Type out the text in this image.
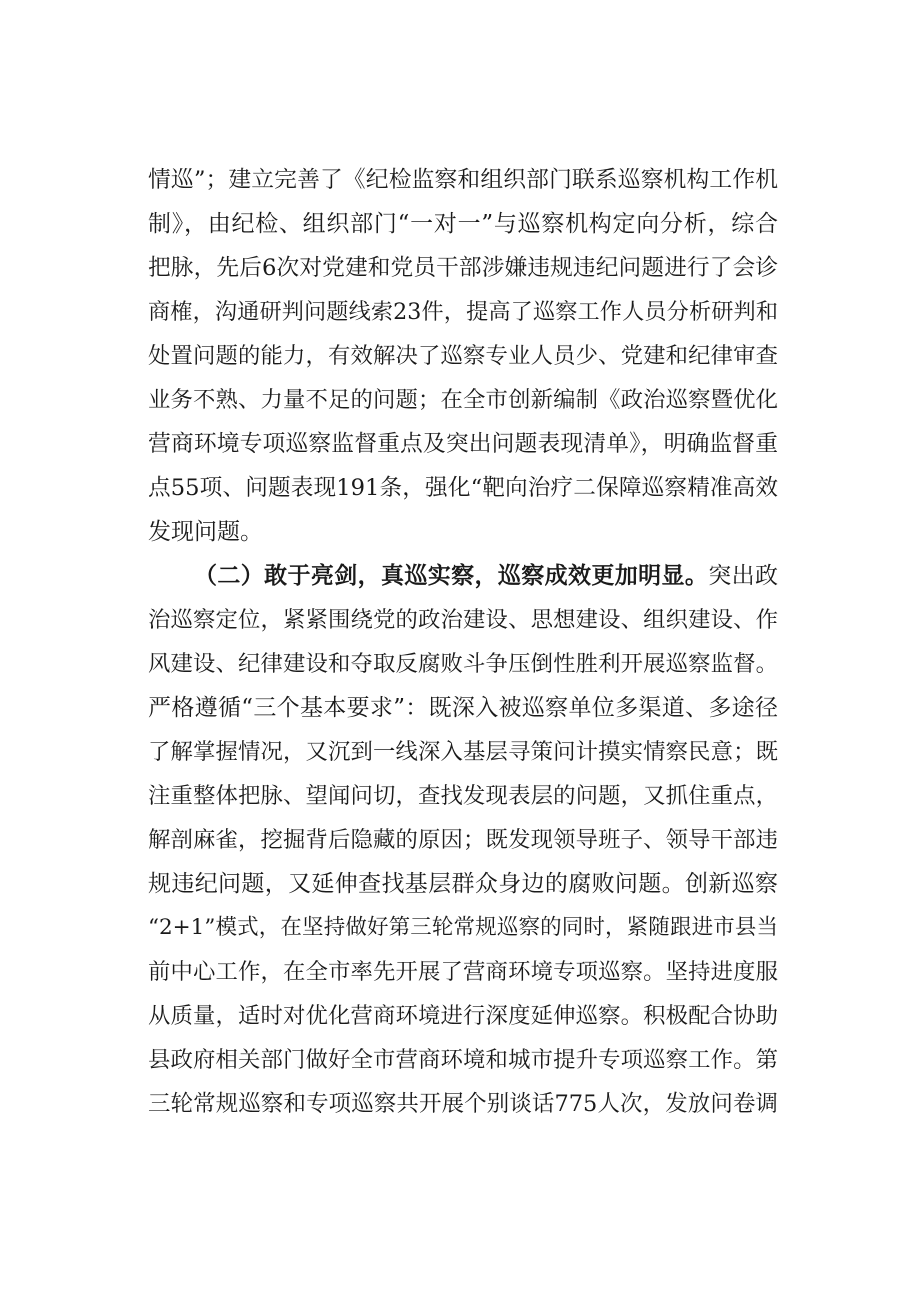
情巡”；建立完善了《纪检监察和组织部门联系巡察机构工作机
制》，由纪检、组织部门“一对一”与巡察机构定向分析，综合
把脉，先后6次对党建和党员干部涉嫌违规违纪问题进行了会诊
商榷，沟通研判问题线索23件，提高了巡察工作人员分析研判和
处置问题的能力，有效解决了巡察专业人员少、党建和纪律审查
业务不熟、力量不足的问题；在全市创新编制《政治巡察暨优化
营商环境专项巡察监督重点及突出问题表现清单》，明确监督重
点55项、问题表现191条，强化“靶向治疗二保障巡察精准高效
发现问题。
（二）敢于亮剑，真巡实察，巡察成效更加明显。突出政
治巡察定位，紧紧围绕党的政治建设、思想建设、组织建设、作
风建设、纪律建设和夺取反腐败斗争压倒性胜利开展巡察监督。
严格遵循“三个基本要求”：既深入被巡察单位多渠道、多途径
了解掌握情况，又沉到一线深入基层寻策问计摸实情察民意；既
注重整体把脉、望闻问切，查找发现表层的问题，又抓住重点，
解剖麻雀，挖掘背后隐藏的原因；既发现领导班子、领导干部违
规违纪问题，又延伸查找基层群众身边的腐败问题。创新巡察
“2+1”模式，在坚持做好第三轮常规巡察的同时，紧随跟进市县当
前中心工作，在全市率先开展了营商环境专项巡察。坚持进度服
从质量，适时对优化营商环境进行深度延伸巡察。积极配合协助
县政府相关部门做好全市营商环境和城市提升专项巡察工作。第
三轮常规巡察和专项巡察共开展个别谈话775人次，发放问卷调
